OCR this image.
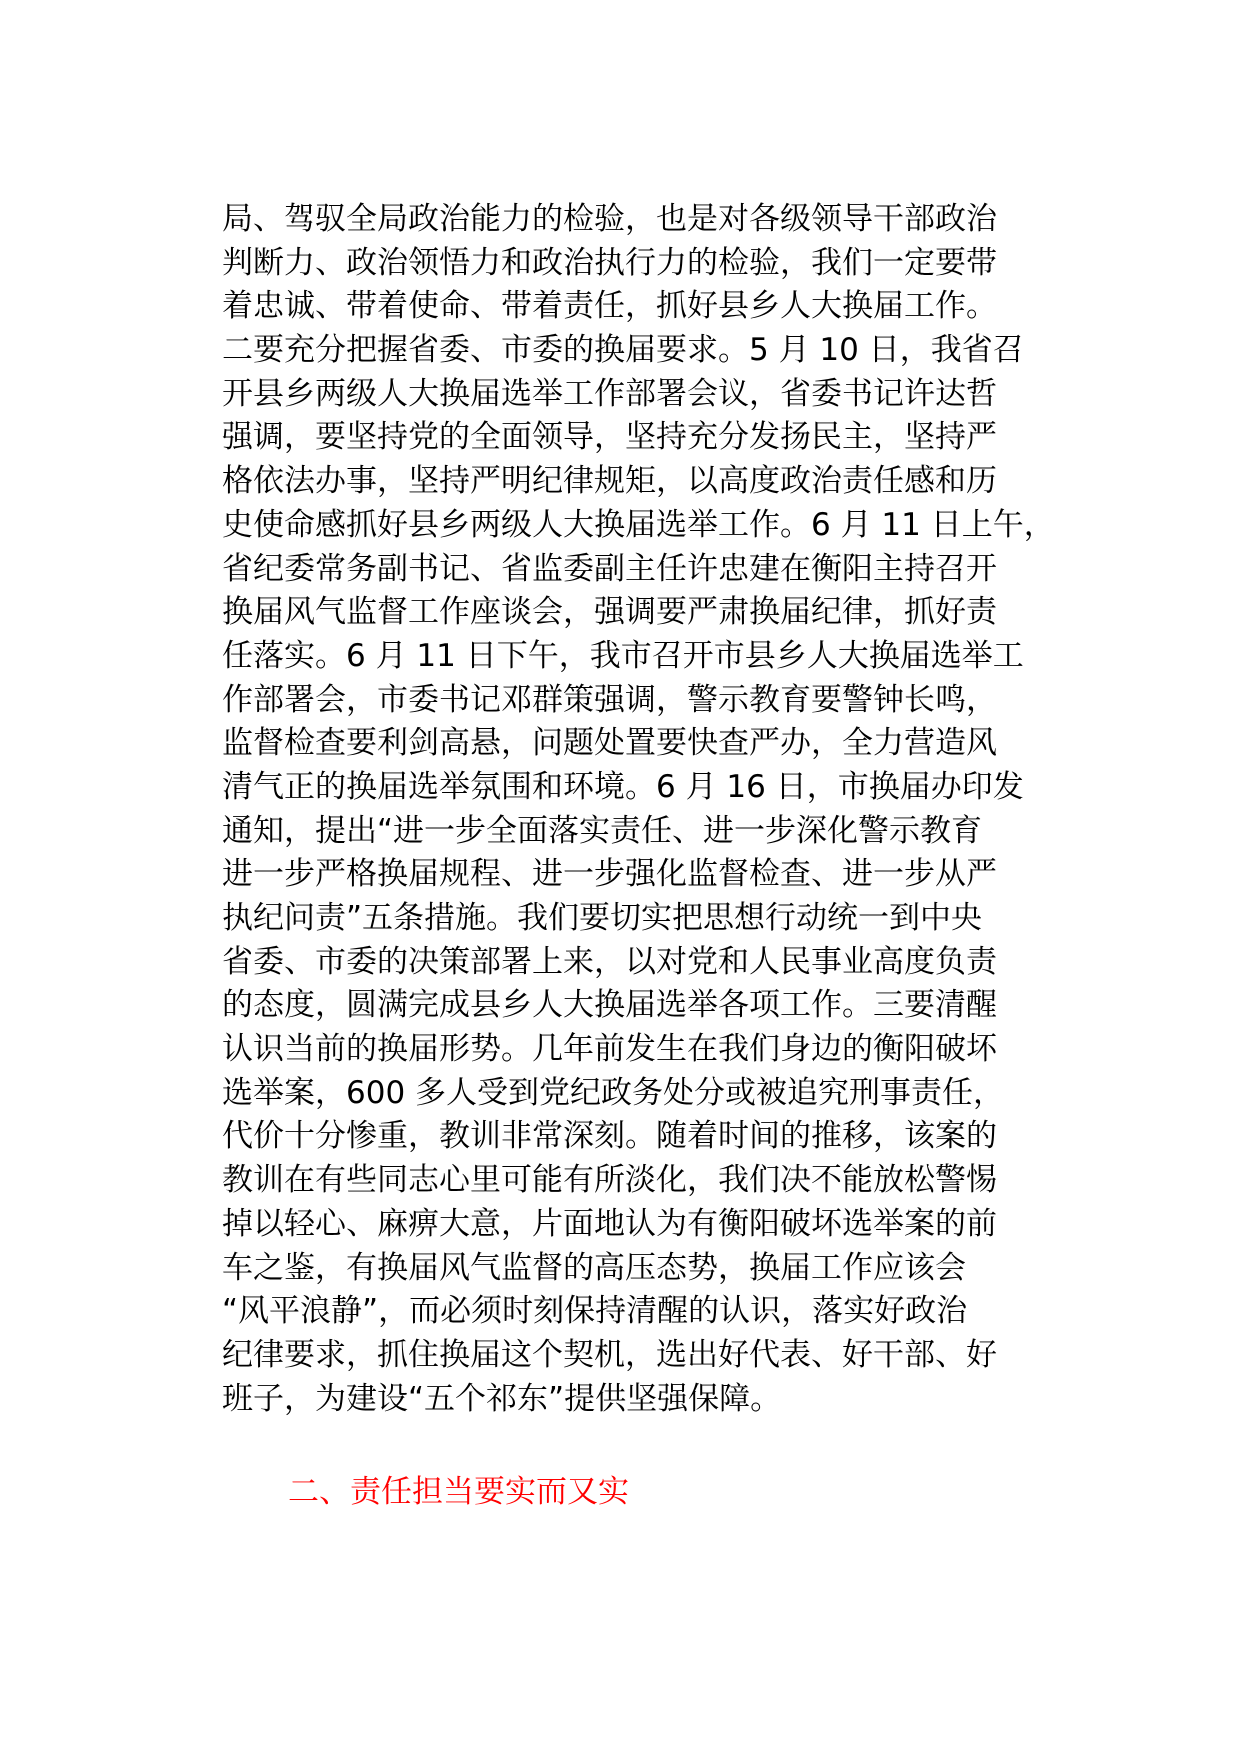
局、驾驭全局政治能力的检验，也是对各级领导干部政治
判断力、政治领悟力和政治执行力的检验，我们一定要带
着忠诚、带着使命、带着责任，抓好县乡人大换届工作。
二要充分把握省委、市委的换届要求。5 月 10 日，我省召
开县乡两级人大换届选举工作部署会议，省委书记许达哲
强调，要坚持党的全面领导，坚持充分发扬民主，坚持严
格依法办事，坚持严明纪律规矩，以高度政治责任感和历
史使命感抓好县乡两级人大换届选举工作。6 月 11 日上午，
省纪委常务副书记、省监委副主任许忠建在衡阳主持召开
换届风气监督工作座谈会，强调要严肃换届纪律，抓好责
任落实。6 月 11 日下午，我市召开市县乡人大换届选举工
作部署会，市委书记邓群策强调，警示教育要警钟长鸣，
监督检查要利剑高悬，问题处置要快查严办，全力营造风
清气正的换届选举氛围和环境。6 月 16 日，市换届办印发
通知，提出“进一步全面落实责任、进一步深化警示教育
进一步严格换届规程、进一步强化监督检查、进一步从严
执纪问责”五条措施。我们要切实把思想行动统一到中央
省委、市委的决策部署上来，以对党和人民事业高度负责
的态度，圆满完成县乡人大换届选举各项工作。三要清醒
认识当前的换届形势。几年前发生在我们身边的衡阳破坏
选举案，600 多人受到党纪政务处分或被追究刑事责任，
代价十分惨重，教训非常深刻。随着时间的推移，该案的
教训在有些同志心里可能有所淡化，我们决不能放松警惕
掉以轻心、麻痹大意，片面地认为有衡阳破坏选举案的前
车之鉴，有换届风气监督的高压态势，换届工作应该会
“风平浪静”，而必须时刻保持清醒的认识，落实好政治
纪律要求，抓住换届这个契机，选出好代表、好干部、好
班子，为建设“五个祁东”提供坚强保障。
二、责任担当要实而又实
